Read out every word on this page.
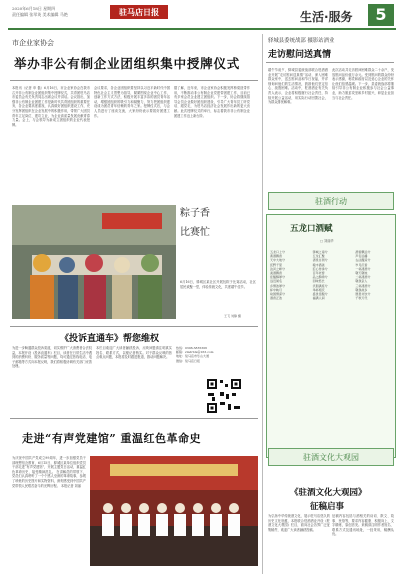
2020年6月18日 星期四
责任编辑 张翠英 美术编辑 马艳	驻马店日报	生活·服务	5
市企业家协会
举办非公有制企业团组织集中授牌仪式
本报讯（记者 申 磊）6月16日，市企业家协会在我市召开非公有制企业团组织集中授牌仪式，共青团驻马店市委员会有关负责同志出席会议并讲话。会议指出，加强非公有制企业团建工作是新时代共青团组织的重要任务，各企业要高度重视，认真做好团组织建设工作，充分发挥团组织在企业发展中的积极作用，带领广大团员青年立足岗位、建功立业，为企业高质量发展贡献青春力量。会上，与会领导为新成立团组织的企业代表授牌。
会议要求，各企业团组织要坚持以习近平新时代中国特色社会主义思想为指导，紧紧围绕企业中心工作，创新工作方式方法，积极开展丰富多彩的团员青年活动，增强团组织的吸引力和凝聚力，努力把团组织建设成为团员青年信赖的青年之家。授牌仪式后，与会人员进行了座谈交流，大家纷纷表示要抓好团建工作。
据了解，近年来，市企业家协会积极发挥桥梁纽带作用，不断推动非公有制企业党建带团建工作，目前已有多家会员企业建立团组织。下一步，协会将继续指导会员企业做好团组织建设，引导广大青年员工听党话、跟党走，为驻马店经济社会发展作出新的更大贡献。此次授牌仪式的举行，标志着我市非公有制企业团建工作迈上新台阶。
粽子香
比赛忙
6月16日，驿城区某社区开展包粽子比赛活动，社区居民欢聚一堂，体验传统文化，共度端午佳节。
王飞 刘静 摄
《投诉直通车》帮您维权
为进一步畅通群众投诉渠道，切实维护广大消费者合法权益，本报开设《投诉直通车》栏目，读者在日常生活中遇到的消费纠纷、服务质量等问题，均可通过热线电话、电子邮箱等方式向本报反映，我们将积极协调有关部门妥善处理。
本栏目欢迎广大读者踊跃投诉，反映问题请注明真实姓名、联系方式，以便记者核实。对于群众反映的热点难点问题，本报将及时跟进报道，推动问题解决。
热线：0396-3835306
邮箱：zmdrbts@163.com
地址：驻马店市乐山大道
微信：驻马店日报
走进“有声党建馆” 重温红色革命史
为庆祝中国共产党成立99周年，进一步加强党员干部理想信念教育，6月15日，驿城区某单位组织党员干部走进“有声党建馆”，开展主题党日活动，重温红色革命历史，接受精神洗礼。 在讲解员的带领下，党员们认真聆听了一个个感人至深的革命故事，参观了珍贵的历史图片和实物资料，深刻感受到中国共产党带领人民艰苦奋斗的光辉历程。 本报记者 刘丽
驿城县委统战部 摄影站酒业
走访慰问送真情
端午节前夕，驿城县委统战部联合驻酒酒业开展“走访慰问送真情”活动，深入困难群众家中，送去慰问品和节日祝福，并详细询问他们的生活情况，鼓励他们坚定信心、战胜困难。活动中，驻酒酒业有关负责人表示，企业将积极履行社会责任，持续开展公益活动，用实际行动回馈社会，为群众排忧解难。
此次活动共走访慰问困难群众二十余户，发放慰问品价值万余元。受到慰问的群众纷纷表示感谢，称党和政府以及爱心企业的关怀让他们倍感温暖。下一步，县委统战部将继续引导非公有制企业积极参与社会公益事业，助力脱贫攻坚和乡村振兴，彰显企业担当与社会责任。
驻酒行动
五龙口酒赋
□ 刘丽华
五龙口上兮
黄酒飘香
天中大地兮
沃野千里
汝河之畔兮
美酒飘香
佳酿醇厚兮
远近闻名
乡情浓厚兮
杯中映月
故园情深兮
酒香正浓
驿城之南兮
五龙汇聚
清泉甘冽兮
粮丰酒美
匠心传承兮
百年老窖
品之醇绵兮
回味悠长
宾朋满座兮
举杯相庆
盛世佳酿兮
福满人间
酒香飘远兮
声名远播
古法酿造兮
岁月沉香
一杯清酒兮
敬天敬地
二杯清酒兮
敬我亲人
三杯清酒兮
敬我故乡
愿君共饮兮
千秋万代
驻酒文化大观园
《驻酒文化大观园》
征稿启事
为弘扬中华传统酒文化，展示驻马店悠久的历史文化底蕴，本报联合驻酒酒业开设《驻酒文化大观园》栏目，面向社会各界广泛征集稿件，欢迎广大读者踊跃投稿。
征稿内容包括与酒相关的诗词、散文、故事、民俗等，要求内容健康、积极向上，文字精练，原创首发。来稿请注明作者姓名、联系方式及通讯地址，一经采用，稿酬从优。
